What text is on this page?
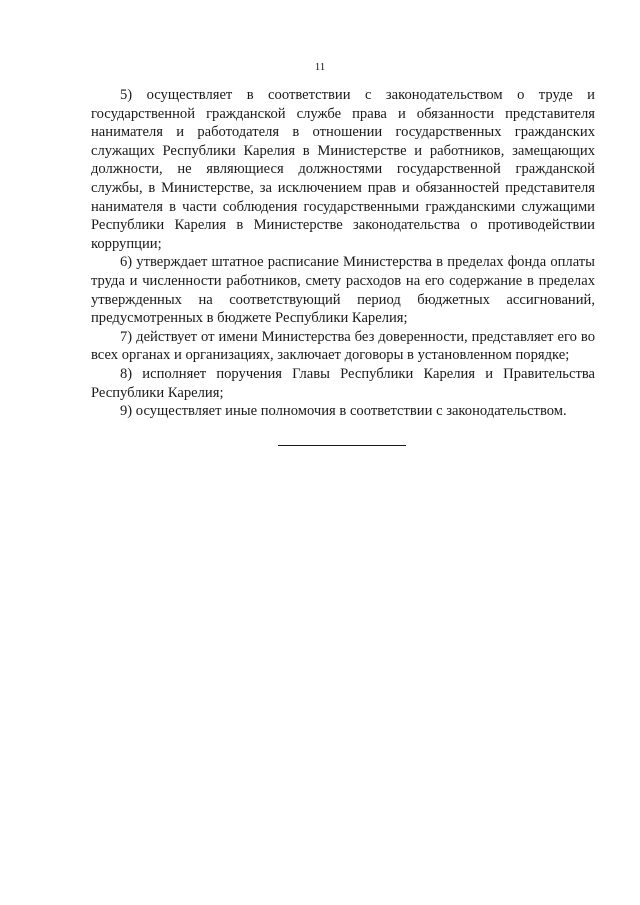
11

5) осуществляет в соответствии с законодательством о труде и государственной гражданской службе права и обязанности представителя нанимателя и работодателя в отношении государственных гражданских служащих Республики Карелия в Министерстве и работников, замещающих должности, не являющиеся должностями государственной гражданской службы, в Министерстве, за исключением прав и обязанностей представителя нанимателя в части соблюдения государственными гражданскими служащими Республики Карелия в Министерстве законодательства о противодействии коррупции;

6) утверждает штатное расписание Министерства в пределах фонда оплаты труда и численности работников, смету расходов на его содержание в пределах утвержденных на соответствующий период бюджетных ассигнований, предусмотренных в бюджете Республики Карелия;

7) действует от имени Министерства без доверенности, представляет его во всех органах и организациях, заключает договоры в установленном порядке;

8) исполняет поручения Главы Республики Карелия и Правительства Республики Карелия;

9) осуществляет иные полномочия в соответствии с законодательством.
